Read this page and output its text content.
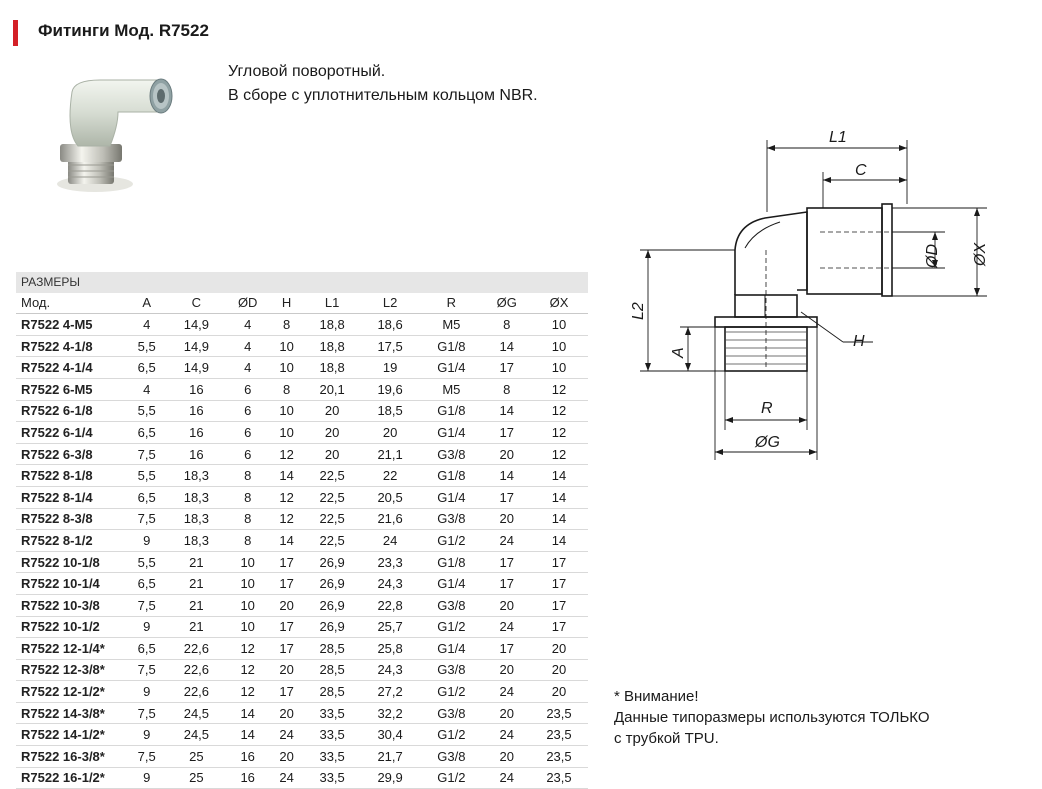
Фитинги Мод. R7522
Угловой поворотный.
В сборе с уплотнительным кольцом NBR.
L1
C
ØD ØX
L2
A
H
R
ØG
РАЗМЕРЫ									
Мод.	A	C	ØD	H	L1	L2	R	ØG	ØX
R7522 4-M5	4	14,9	4	8	18,8	18,6	M5	8	10
R7522 4-1/8	5,5	14,9	4	10	18,8	17,5	G1/8	14	10
R7522 4-1/4	6,5	14,9	4	10	18,8	19	G1/4	17	10
R7522 6-M5	4	16	6	8	20,1	19,6	M5	8	12
R7522 6-1/8	5,5	16	6	10	20	18,5	G1/8	14	12
R7522 6-1/4	6,5	16	6	10	20	20	G1/4	17	12
R7522 6-3/8	7,5	16	6	12	20	21,1	G3/8	20	12
R7522 8-1/8	5,5	18,3	8	14	22,5	22	G1/8	14	14
R7522 8-1/4	6,5	18,3	8	12	22,5	20,5	G1/4	17	14
R7522 8-3/8	7,5	18,3	8	12	22,5	21,6	G3/8	20	14
R7522 8-1/2	9	18,3	8	14	22,5	24	G1/2	24	14
R7522 10-1/8	5,5	21	10	17	26,9	23,3	G1/8	17	17
R7522 10-1/4	6,5	21	10	17	26,9	24,3	G1/4	17	17
R7522 10-3/8	7,5	21	10	20	26,9	22,8	G3/8	20	17
R7522 10-1/2	9	21	10	17	26,9	25,7	G1/2	24	17
R7522 12-1/4*	6,5	22,6	12	17	28,5	25,8	G1/4	17	20
R7522 12-3/8*	7,5	22,6	12	20	28,5	24,3	G3/8	20	20
R7522 12-1/2*	9	22,6	12	17	28,5	27,2	G1/2	24	20
R7522 14-3/8*	7,5	24,5	14	20	33,5	32,2	G3/8	20	23,5
R7522 14-1/2*	9	24,5	14	24	33,5	30,4	G1/2	24	23,5
R7522 16-3/8*	7,5	25	16	20	33,5	21,7	G3/8	20	23,5
R7522 16-1/2*	9	25	16	24	33,5	29,9	G1/2	24	23,5
* Внимание!
Данные типоразмеры используются ТОЛЬКО
с трубкой TPU.
